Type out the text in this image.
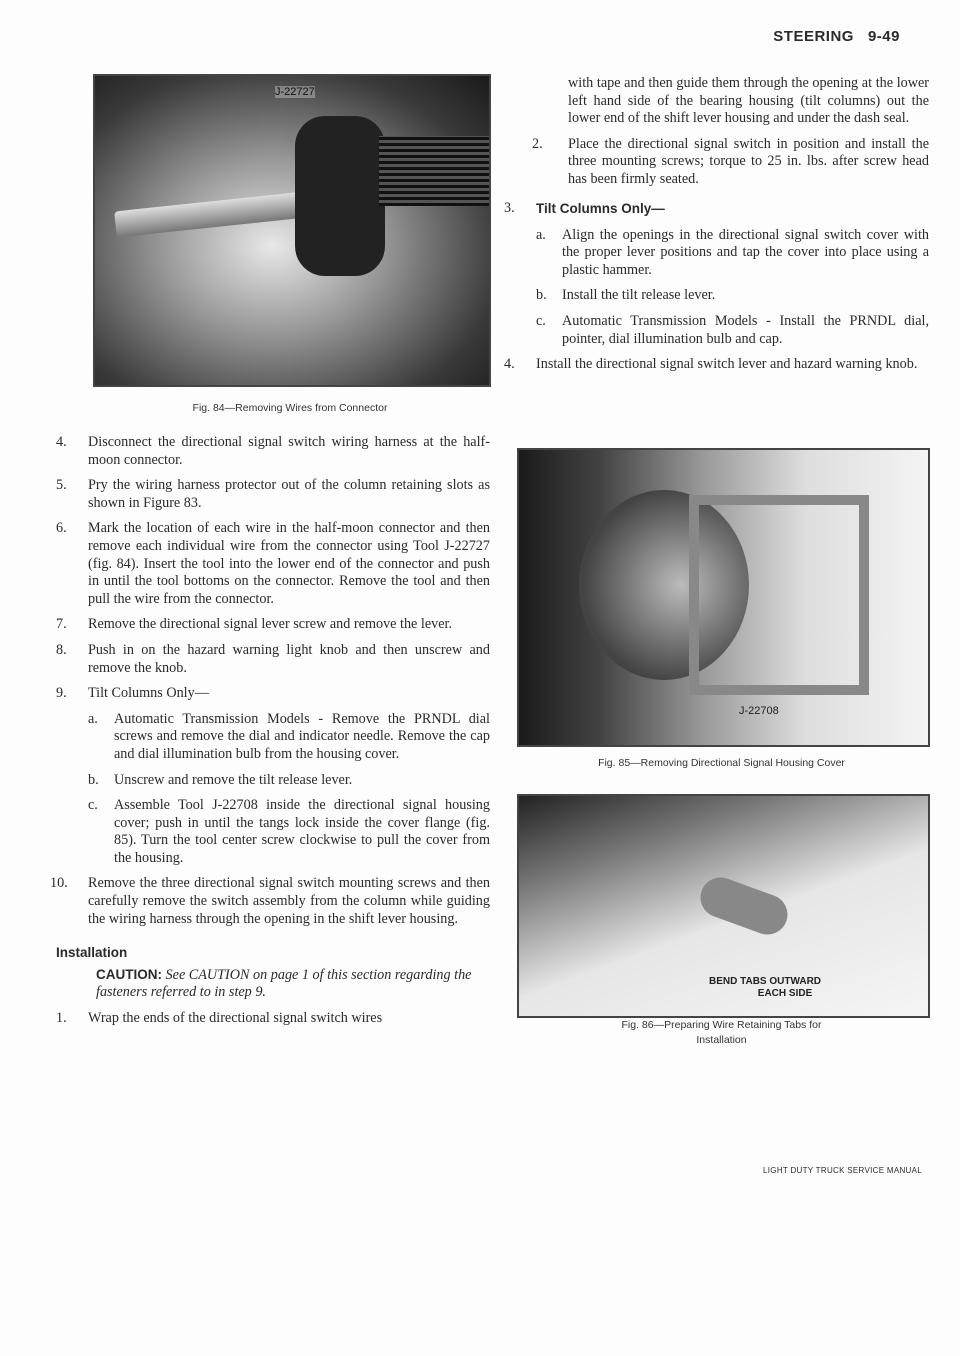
STEERING 9-49
J-22727
Fig. 84—Removing Wires from Connector
4. Disconnect the directional signal switch wiring harness at the half-moon connector.
5. Pry the wiring harness protector out of the column retaining slots as shown in Figure 83.
6. Mark the location of each wire in the half-moon connector and then remove each individual wire from the connector using Tool J-22727 (fig. 84). Insert the tool into the lower end of the connector and push in until the tool bottoms on the connector. Remove the tool and then pull the wire from the connector.
7. Remove the directional signal lever screw and remove the lever.
8. Push in on the hazard warning light knob and then unscrew and remove the knob.
9. Tilt Columns Only—
a. Automatic Transmission Models - Remove the PRNDL dial screws and remove the dial and indicator needle. Remove the cap and dial illumination bulb from the housing cover.
b. Unscrew and remove the tilt release lever.
c. Assemble Tool J-22708 inside the directional signal housing cover; push in until the tangs lock inside the cover flange (fig. 85). Turn the tool center screw clockwise to pull the cover from the housing.
10. Remove the three directional signal switch mounting screws and then carefully remove the switch assembly from the column while guiding the wiring harness through the opening in the shift lever housing.
Installation
CAUTION: See CAUTION on page 1 of this section regarding the fasteners referred to in step 9.
1. Wrap the ends of the directional signal switch wires
with tape and then guide them through the opening at the lower left hand side of the bearing housing (tilt columns) out the lower end of the shift lever housing and under the dash seal.
2. Place the directional signal switch in position and install the three mounting screws; torque to 25 in. lbs. after screw head has been firmly seated.
3. Tilt Columns Only—
a. Align the openings in the directional signal switch cover with the proper lever positions and tap the cover into place using a plastic hammer.
b. Install the tilt release lever.
c. Automatic Transmission Models - Install the PRNDL dial, pointer, dial illumination bulb and cap.
4. Install the directional signal switch lever and hazard warning knob.
J-22708
Fig. 85—Removing Directional Signal Housing Cover
BEND TABS OUTWARD
EACH SIDE
Fig. 86—Preparing Wire Retaining Tabs for
Installation
LIGHT DUTY TRUCK SERVICE MANUAL
